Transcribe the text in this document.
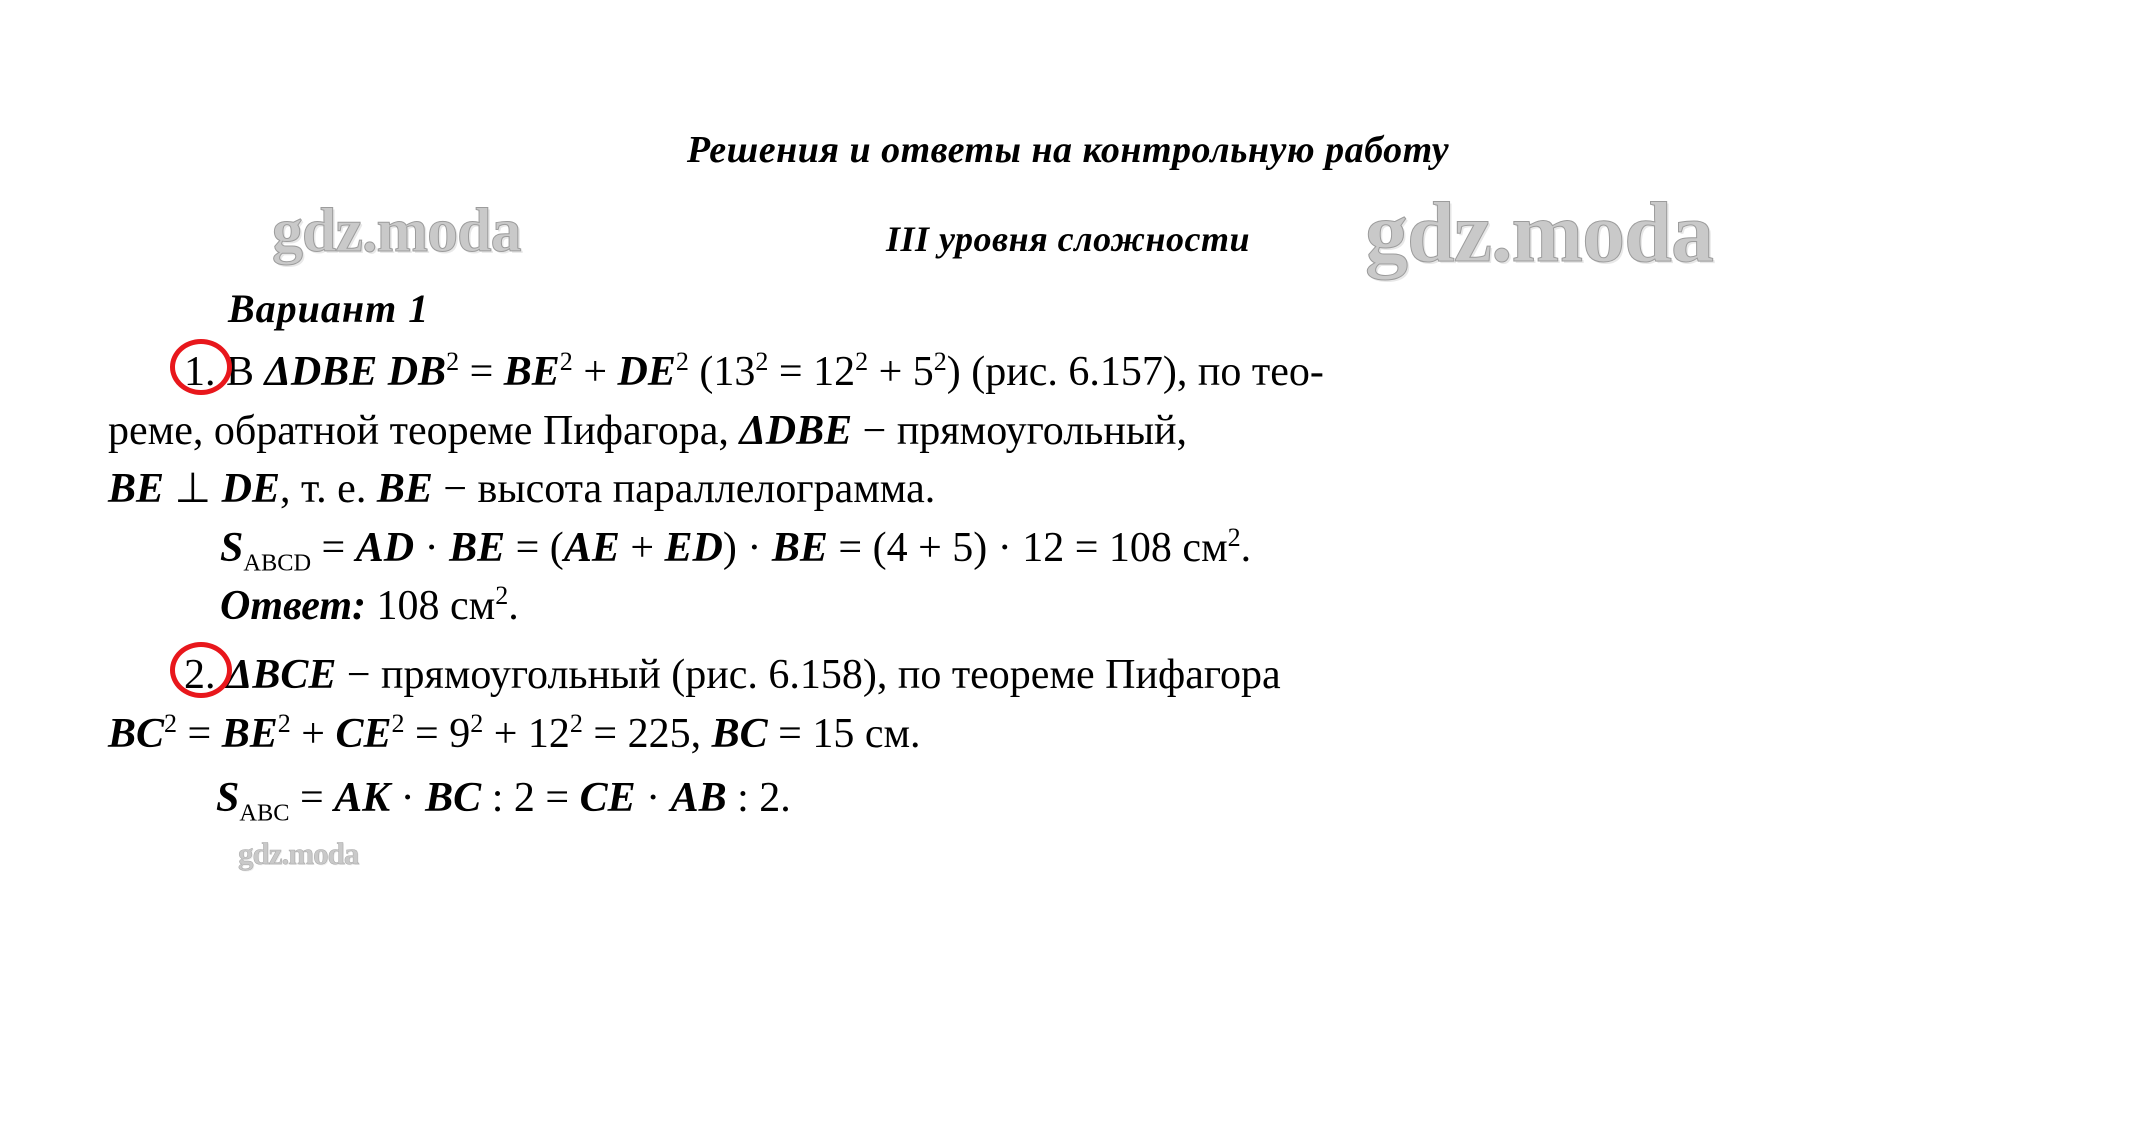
gdz.moda	gdz.moda
gdz.moda
Решения и ответы на контрольную работу
III уровня сложности
Вариант 1
1. В ΔDBE $DB^2 = BE^2 + DE^2$ $(13^2 = 12^2 + 5^2)$ (рис. 6.157), по тео-
реме, обратной теореме Пифагора, ΔDBE − прямоугольный,
BE ⊥ DE, т. е. BE − высота параллелограмма.
$S_{ABCD}$ = AD · BE = (AE + ED) · BE = (4 + 5) · 12 = 108 $см^2$.
Ответ: 108 $см^2$.
2. ΔBCE − прямоугольный (рис. 6.158), по теореме Пифагора
$BC^2 = BE^2 + CE^2 = 9^2 + 12^2 = 225$, BC = 15 см.
$S_{ABC}$ = AK · BC : 2 = CE · AB : 2.
